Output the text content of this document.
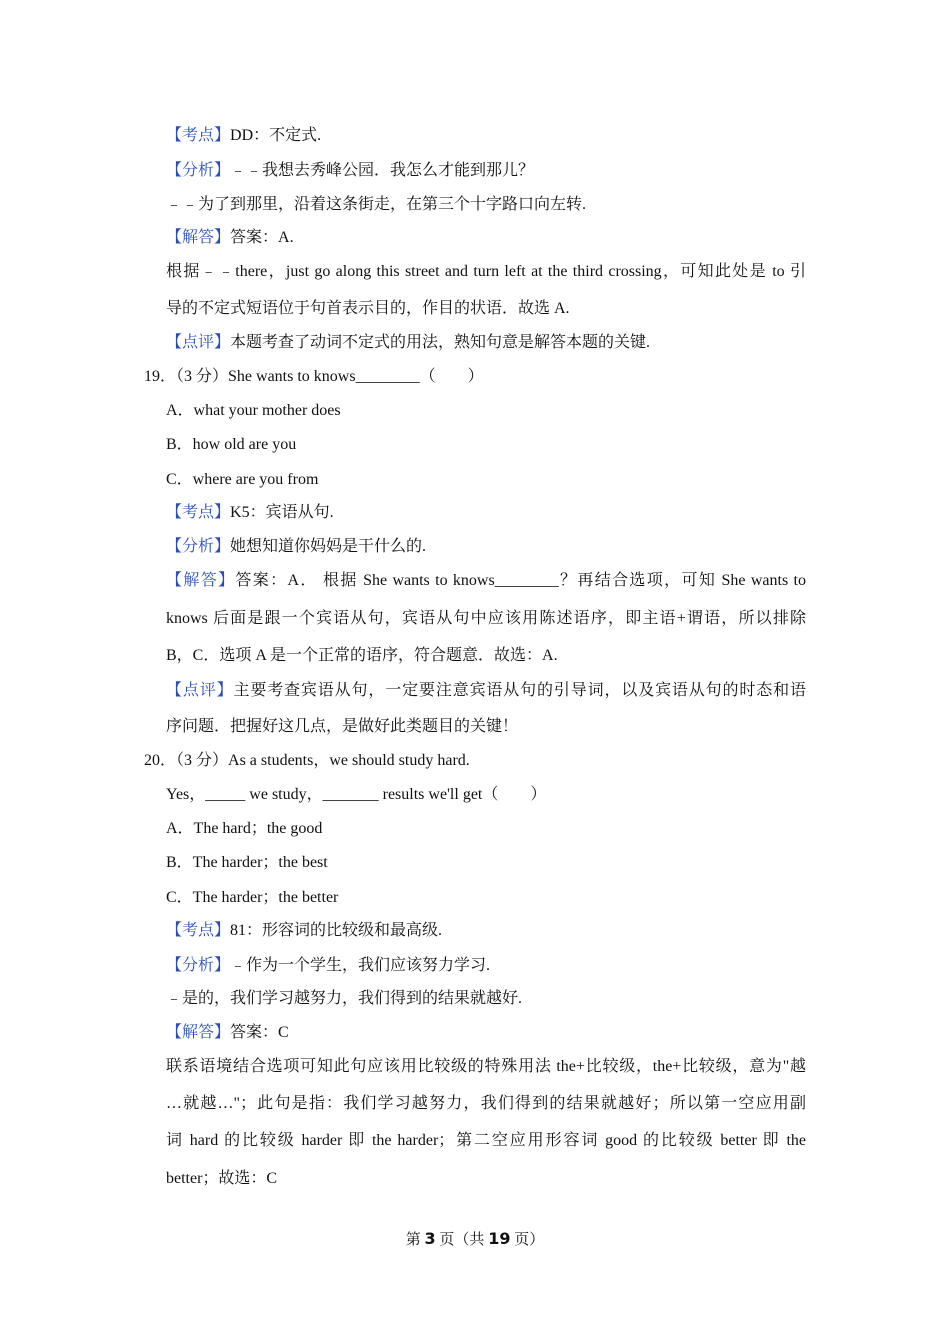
【考点】DD：不定式.
【分析】﹣﹣我想去秀峰公园．我怎么才能到那儿？
﹣﹣为了到那里，沿着这条街走，在第三个十字路口向左转.
【解答】答案：A.
根据﹣﹣there，just go along this street and turn left at the third crossing，可知此处是 to 引
导的不定式短语位于句首表示目的，作目的状语．故选 A.
【点评】本题考查了动词不定式的用法，熟知句意是解答本题的关键.
19．（3 分）She wants to knows________（　　）
A．what your mother does
B．how old are you
C．where are you from
【考点】K5：宾语从句.
【分析】她想知道你妈妈是干什么的.
【解答】答案：A． 根据 She wants to knows________？再结合选项，可知 She wants to
knows 后面是跟一个宾语从句，宾语从句中应该用陈述语序，即主语+谓语，所以排除
B，C．选项 A 是一个正常的语序，符合题意．故选：A.
【点评】主要考查宾语从句，一定要注意宾语从句的引导词，以及宾语从句的时态和语
序问题．把握好这几点，是做好此类题目的关键！
20．（3 分）As a students，we should study hard.
Yes，_____ we study，_______ results we'll get（　　）
A．The hard；the good
B．The harder；the best
C．The harder；the better
【考点】81：形容词的比较级和最高级.
【分析】﹣作为一个学生，我们应该努力学习.
﹣是的，我们学习越努力，我们得到的结果就越好.
【解答】答案：C
联系语境结合选项可知此句应该用比较级的特殊用法 the+比较级，the+比较级，意为"越
…就越…"；此句是指：我们学习越努力，我们得到的结果就越好；所以第一空应用副
词 hard 的比较级 harder 即 the harder；第二空应用形容词 good 的比较级 better 即 the
better；故选：C
第 3 页（共 19 页）
